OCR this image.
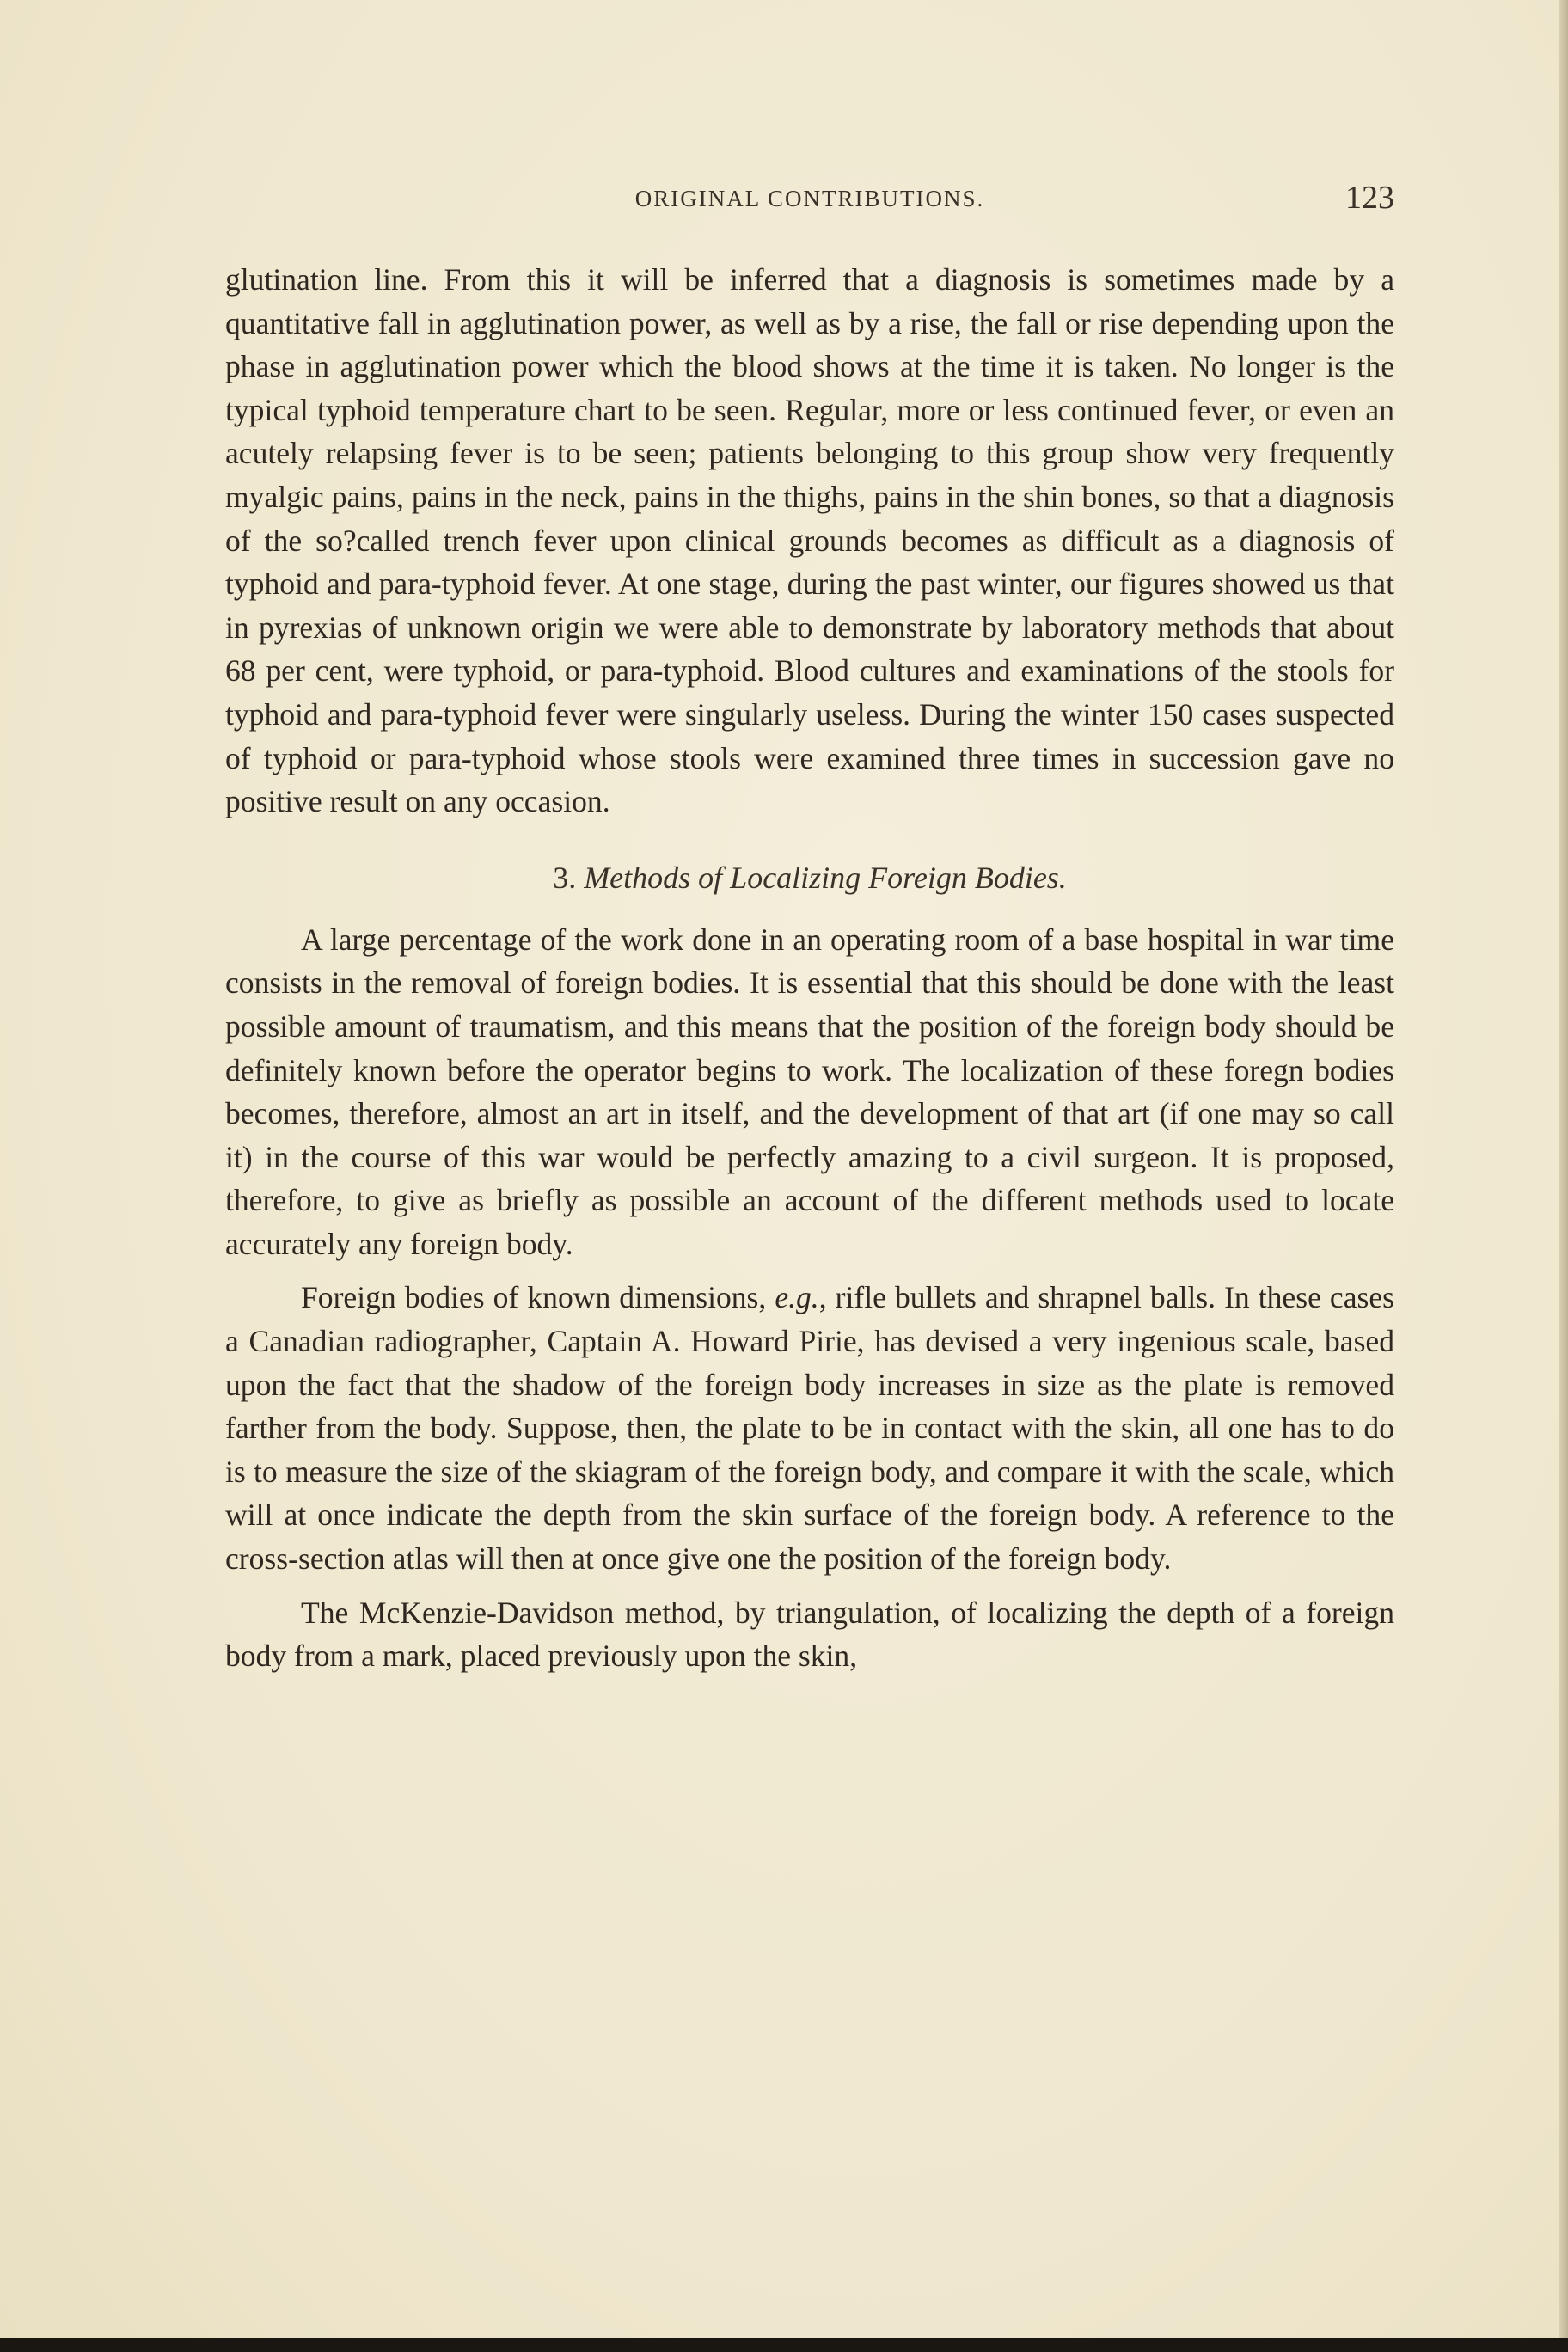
ORIGINAL CONTRIBUTIONS.	123

glutination line. From this it will be inferred that a diagnosis is sometimes made by a quantitative fall in agglutination power, as well as by a rise, the fall or rise depending upon the phase in agglutination power which the blood shows at the time it is taken. No longer is the typical typhoid temperature chart to be seen. Regular, more or less continued fever, or even an acutely relapsing fever is to be seen; patients belonging to this group show very frequently myalgic pains, pains in the neck, pains in the thighs, pains in the shin bones, so that a diagnosis of the so?called trench fever upon clinical grounds becomes as difficult as a diagnosis of typhoid and para-typhoid fever. At one stage, during the past winter, our figures showed us that in pyrexias of unknown origin we were able to demonstrate by laboratory methods that about 68 per cent, were typhoid, or para-typhoid. Blood cultures and examinations of the stools for typhoid and para-typhoid fever were singularly useless. During the winter 150 cases suspected of typhoid or para-typhoid whose stools were examined three times in succession gave no positive result on any occasion.

3. Methods of Localizing Foreign Bodies.

A large percentage of the work done in an operating room of a base hospital in war time consists in the removal of foreign bodies. It is essential that this should be done with the least possible amount of traumatism, and this means that the position of the foreign body should be definitely known before the operator begins to work. The localization of these foregn bodies becomes, therefore, almost an art in itself, and the development of that art (if one may so call it) in the course of this war would be perfectly amazing to a civil surgeon. It is proposed, therefore, to give as briefly as possible an account of the different methods used to locate accurately any foreign body.

Foreign bodies of known dimensions, e.g., rifle bullets and shrapnel balls. In these cases a Canadian radiographer, Captain A. Howard Pirie, has devised a very ingenious scale, based upon the fact that the shadow of the foreign body increases in size as the plate is removed farther from the body. Suppose, then, the plate to be in contact with the skin, all one has to do is to measure the size of the skiagram of the foreign body, and compare it with the scale, which will at once indicate the depth from the skin surface of the foreign body. A reference to the cross-section atlas will then at once give one the position of the foreign body.

The McKenzie-Davidson method, by triangulation, of localizing the depth of a foreign body from a mark, placed previously upon the skin,
